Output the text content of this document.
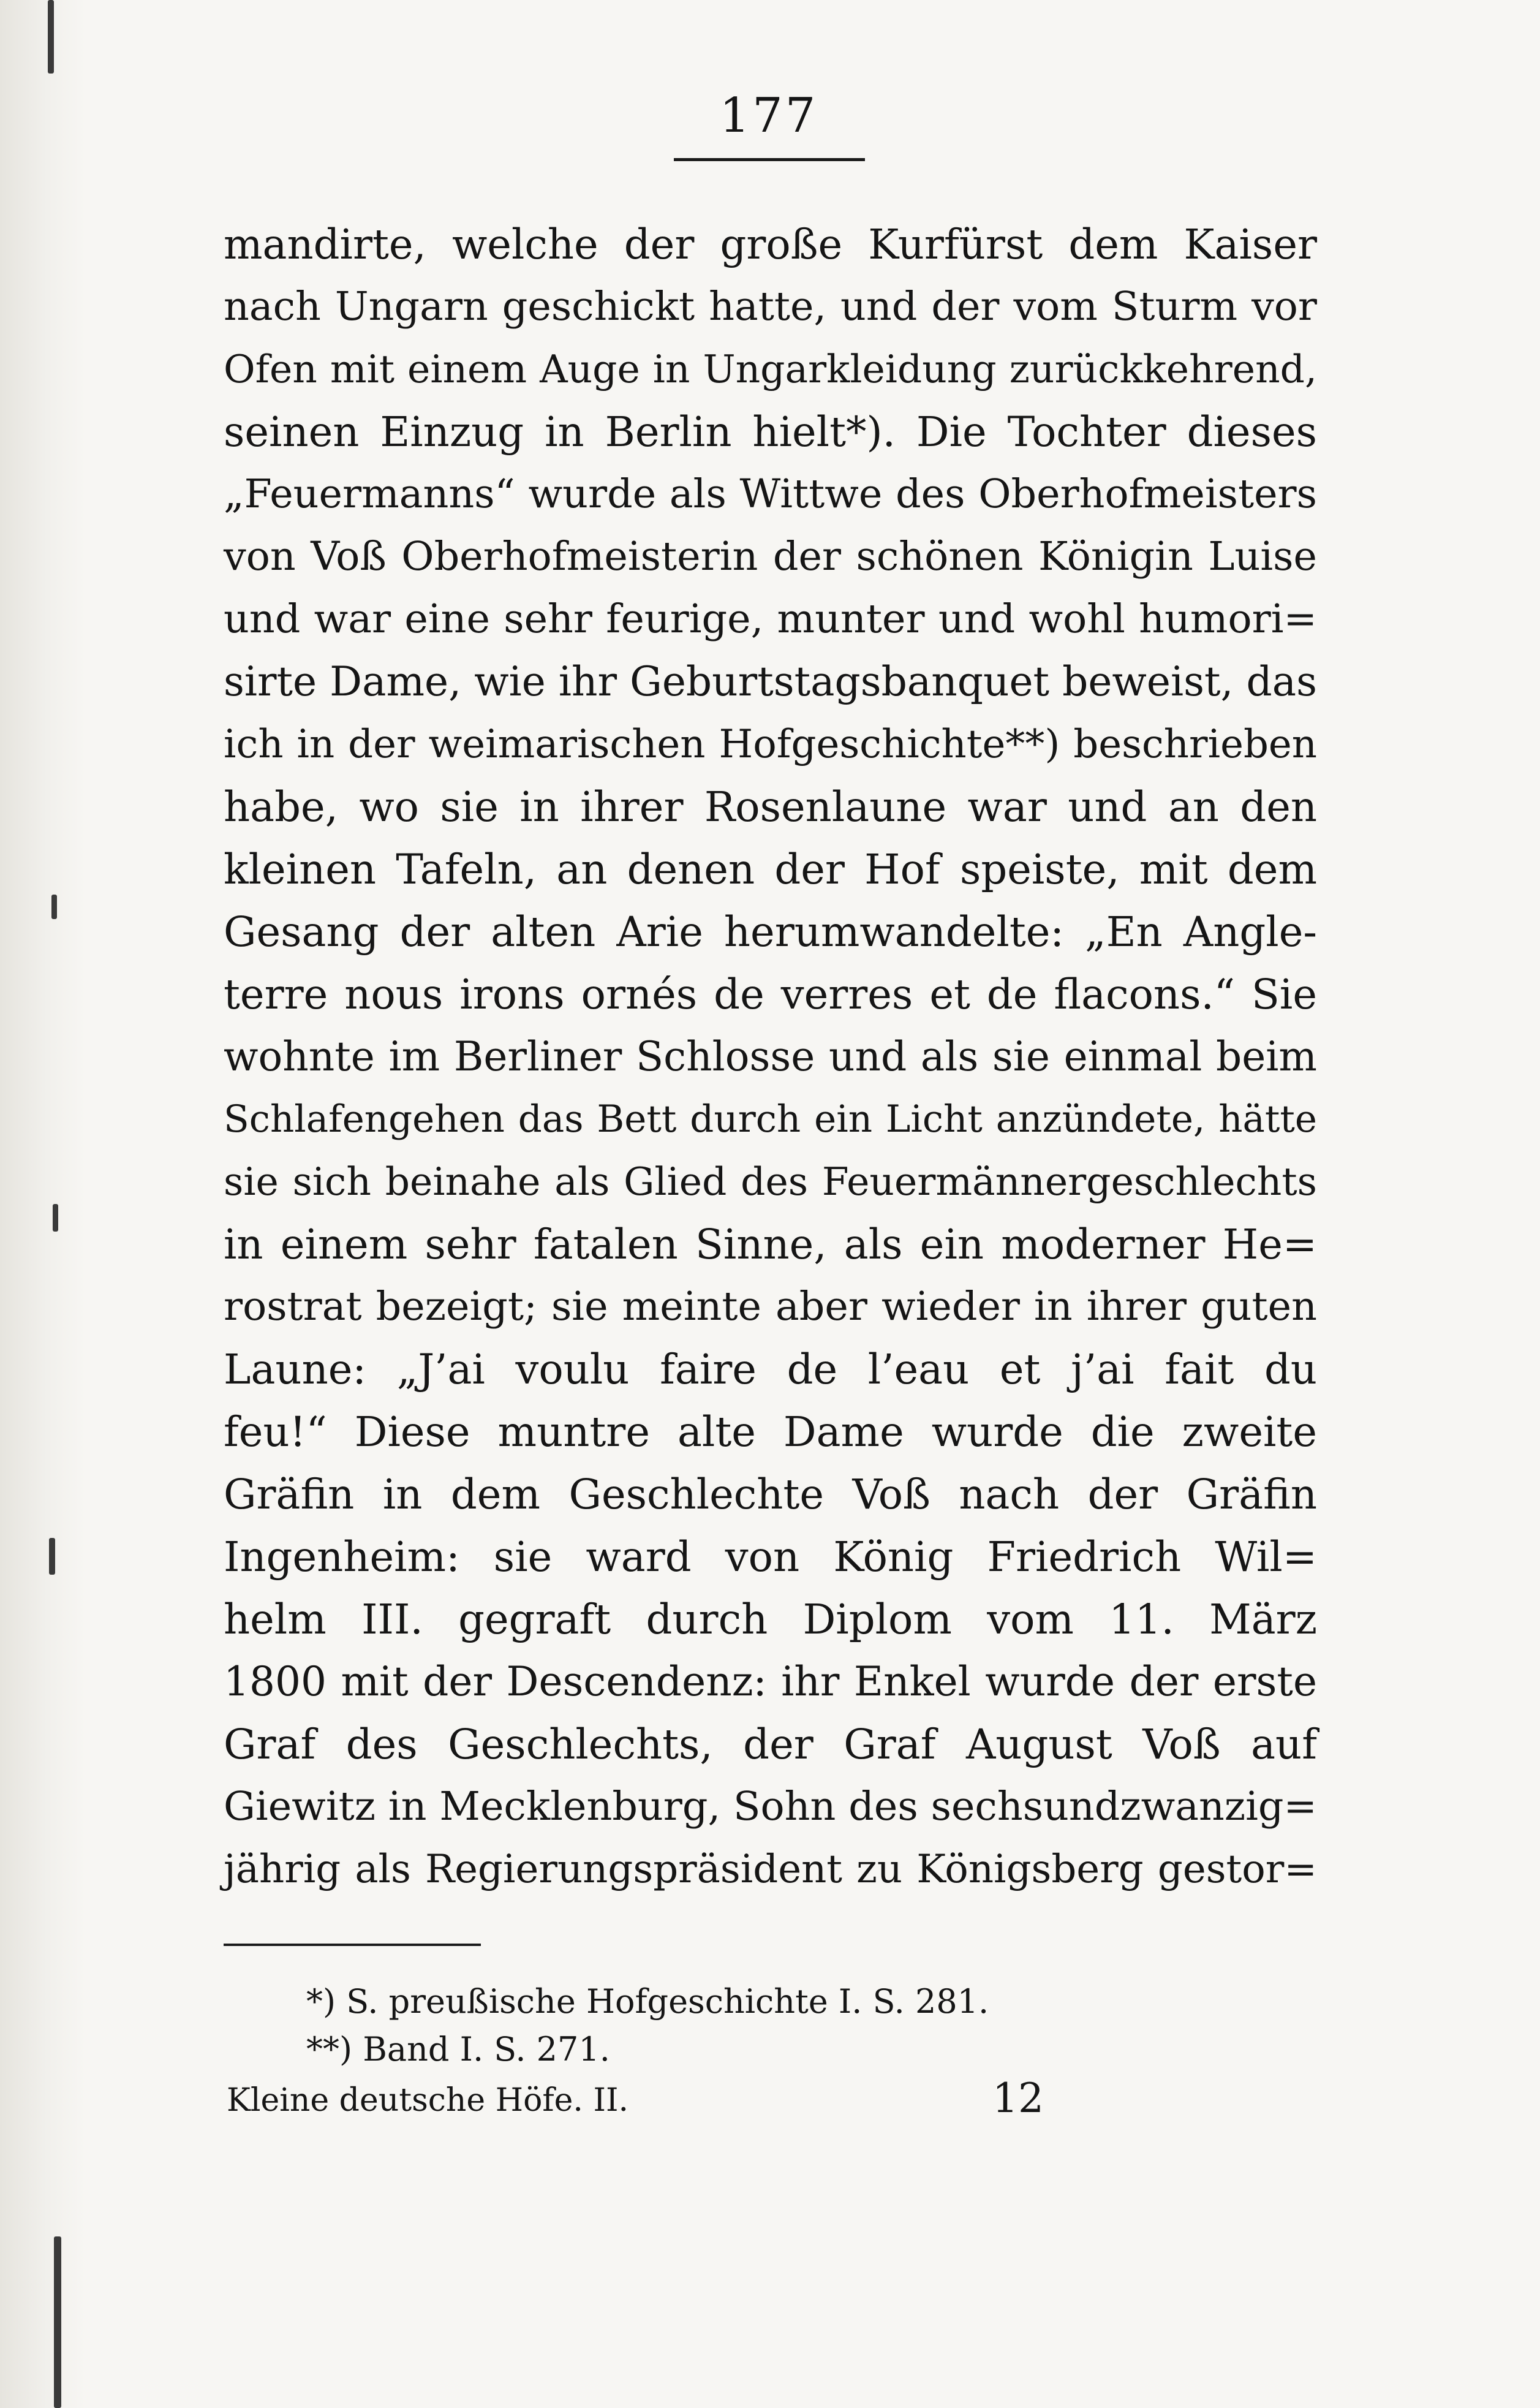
177
mandirte, welche der große Kurfürst dem Kaiser
nach Ungarn geschickt hatte, und der vom Sturm vor
Ofen mit einem Auge in Ungarkleidung zurückkehrend,
seinen Einzug in Berlin hielt*). Die Tochter dieses
„Feuermanns“ wurde als Wittwe des Oberhofmeisters
von Voß Oberhofmeisterin der schönen Königin Luise
und war eine sehr feurige, munter und wohl humori=
sirte Dame, wie ihr Geburtstagsbanquet beweist, das
ich in der weimarischen Hofgeschichte**) beschrieben
habe, wo sie in ihrer Rosenlaune war und an den
kleinen Tafeln, an denen der Hof speiste, mit dem
Gesang der alten Arie herumwandelte: „En Angle-
terre nous irons ornés de verres et de flacons.“ Sie
wohnte im Berliner Schlosse und als sie einmal beim
Schlafengehen das Bett durch ein Licht anzündete, hätte
sie sich beinahe als Glied des Feuermännergeschlechts
in einem sehr fatalen Sinne, als ein moderner He=
rostrat bezeigt; sie meinte aber wieder in ihrer guten
Laune: „J’ai voulu faire de l’eau et j’ai fait du
feu!“ Diese muntre alte Dame wurde die zweite
Gräfin in dem Geschlechte Voß nach der Gräfin
Ingenheim: sie ward von König Friedrich Wil=
helm III. gegraft durch Diplom vom 11. März
1800 mit der Descendenz: ihr Enkel wurde der erste
Graf des Geschlechts, der Graf August Voß auf
Giewitz in Mecklenburg, Sohn des sechsundzwanzig=
jährig als Regierungspräsident zu Königsberg gestor=
*) S. preußische Hofgeschichte I. S. 281.
**) Band I. S. 271.
Kleine deutsche Höfe. II.	12
